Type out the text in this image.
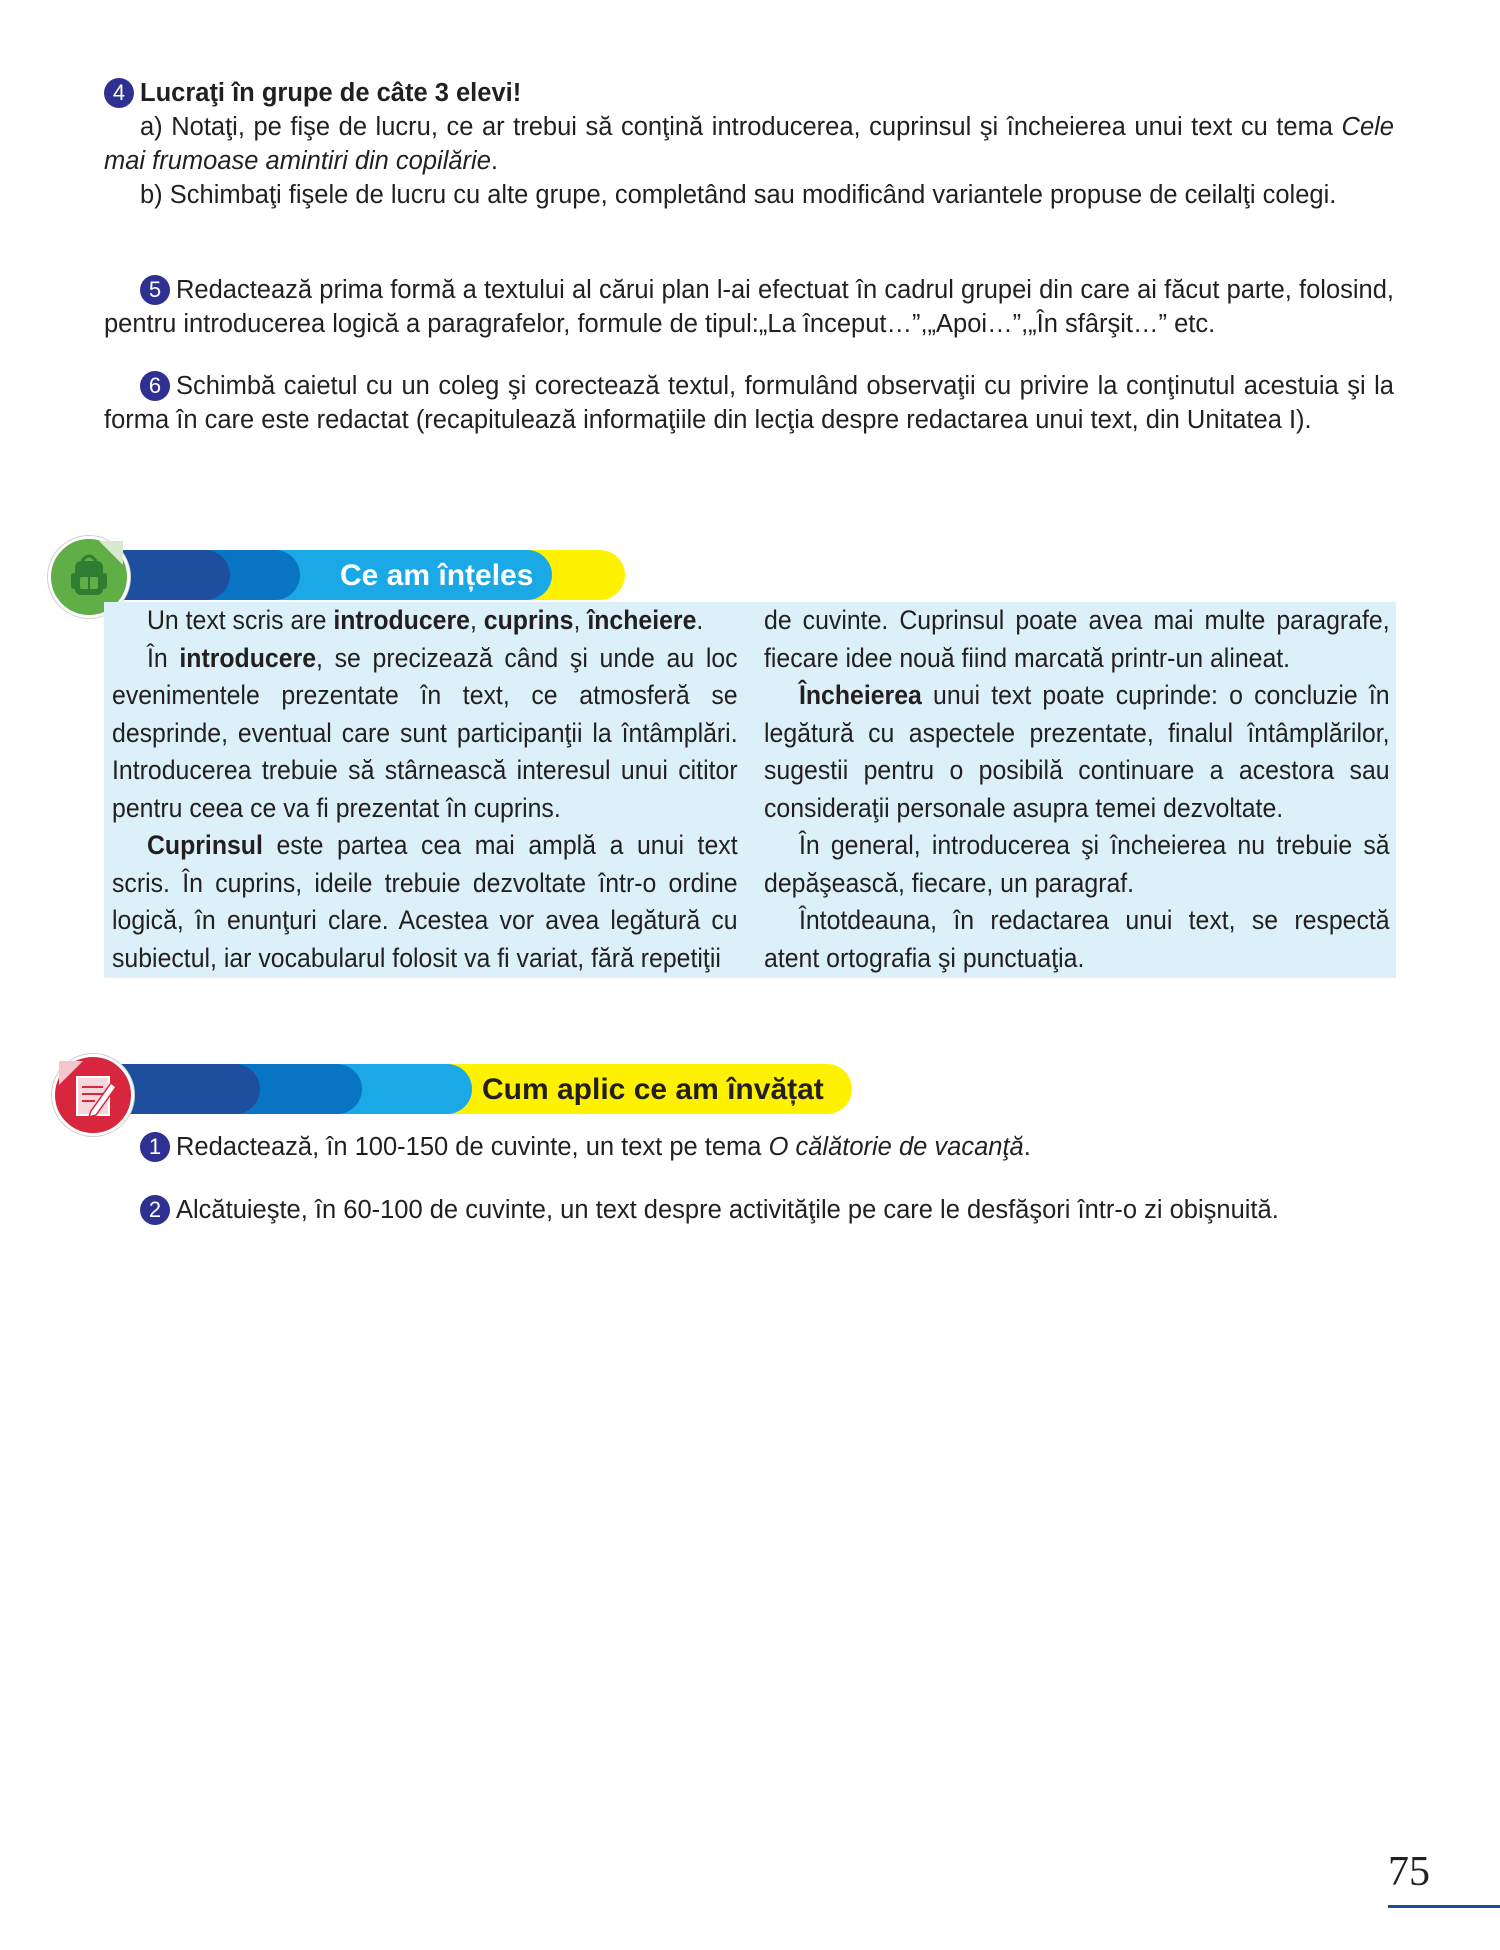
4 Lucraţi în grupe de câte 3 elevi!

a) Notaţi, pe fişe de lucru, ce ar trebui să conţină introducerea, cuprinsul şi încheierea unui text cu tema Cele mai frumoase amintiri din copilărie.

b) Schimbaţi fişele de lucru cu alte grupe, completând sau modificând variantele propuse de ceilalţi colegi.

5 Redactează prima formă a textului al cărui plan l-ai efectuat în cadrul grupei din care ai făcut parte, folosind, pentru introducerea logică a paragrafelor, formule de tipul:„La început…”,„Apoi…”,„În sfârşit…” etc.

6 Schimbă caietul cu un coleg şi corectează textul, formulând observaţii cu privire la conţinutul acestuia şi la forma în care este redactat (recapitulează informaţiile din lecţia despre redactarea unui text, din Unitatea I).

Ce am înțeles

Un text scris are introducere, cuprins, încheiere.

În introducere, se precizează când şi unde au loc evenimentele prezentate în text, ce atmosferă se desprinde, eventual care sunt participanţii la întâmplări. Introducerea trebuie să stârnească interesul unui cititor pentru ceea ce va fi prezentat în cuprins.

Cuprinsul este partea cea mai amplă a unui text scris. În cuprins, ideile trebuie dezvoltate într-o ordine logică, în enunţuri clare. Acestea vor avea legătură cu subiectul, iar vocabularul folosit va fi variat, fără repetiţii

de cuvinte. Cuprinsul poate avea mai multe paragrafe, fiecare idee nouă fiind marcată printr-un alineat.

Încheierea unui text poate cuprinde: o concluzie în legătură cu aspectele prezentate, finalul întâmplărilor, sugestii pentru o posibilă continuare a acestora sau consideraţii personale asupra temei dezvoltate.

În general, introducerea şi încheierea nu trebuie să depăşească, fiecare, un paragraf.

Întotdeauna, în redactarea unui text, se respectă atent ortografia şi punctuaţia.

Cum aplic ce am învățat

1 Redactează, în 100-150 de cuvinte, un text pe tema O călătorie de vacanţă.

2 Alcătuieşte, în 60-100 de cuvinte, un text despre activităţile pe care le desfăşori într-o zi obişnuită.

75
